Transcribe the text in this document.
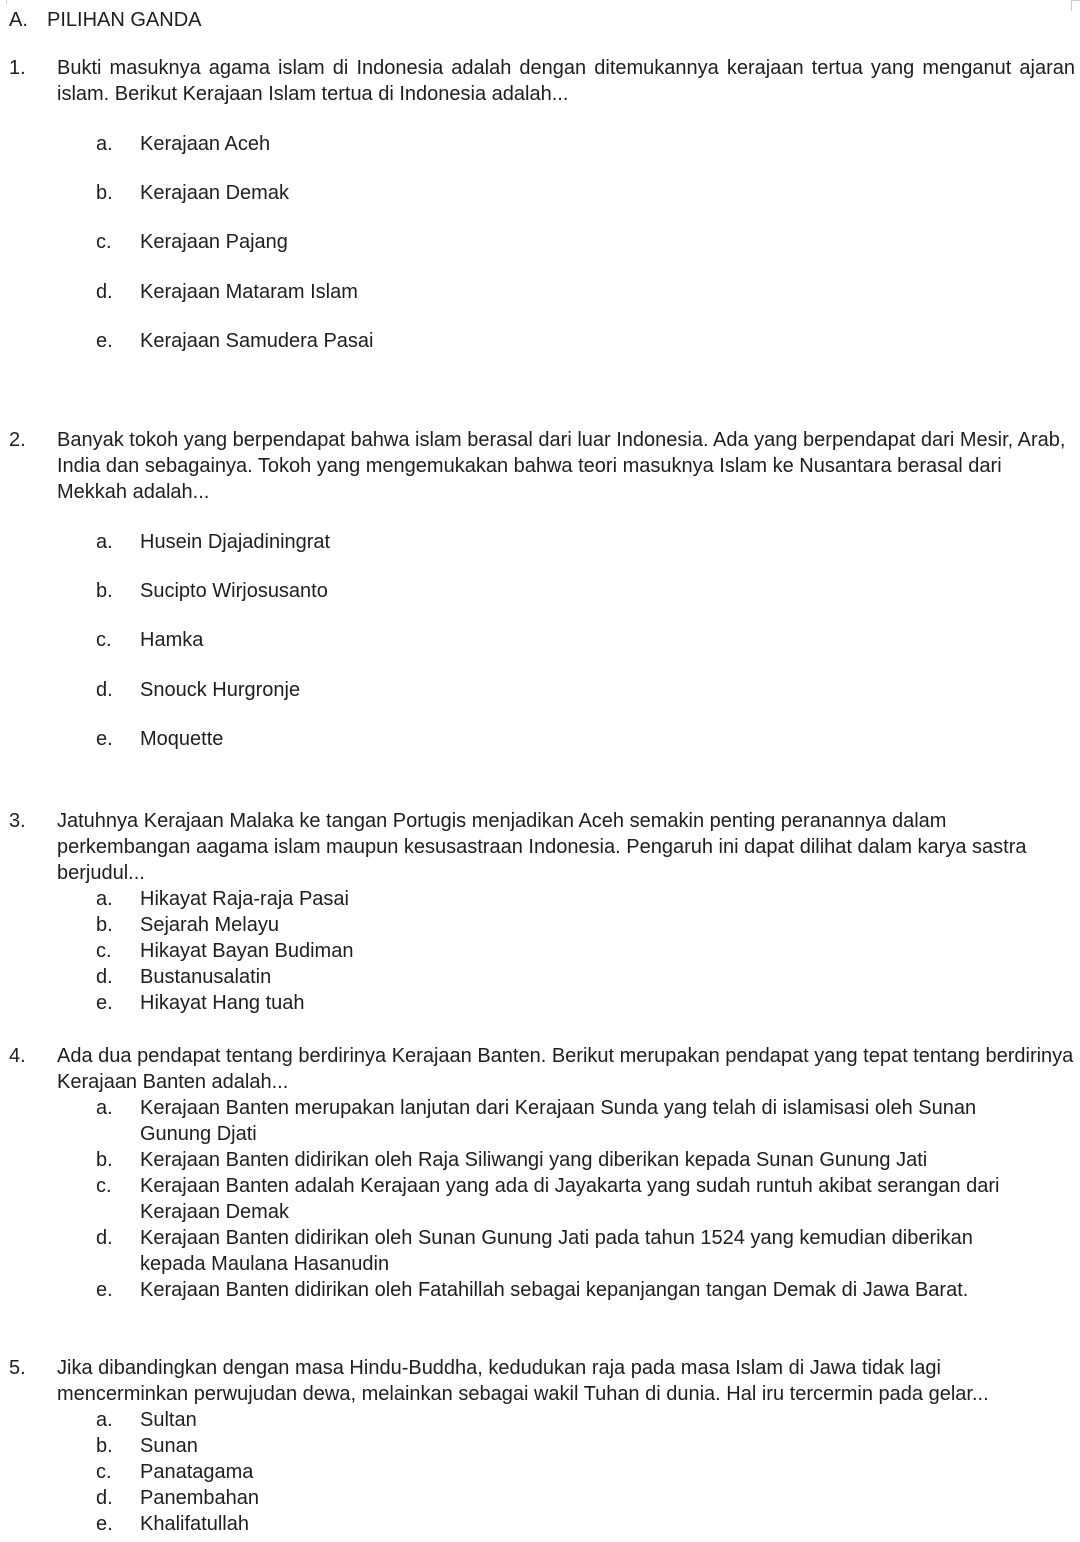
A. PILIHAN GANDA
1.	Bukti masuknya agama islam di Indonesia adalah dengan ditemukannya kerajaan tertua yang menganut ajaran islam. Berikut Kerajaan Islam tertua di Indonesia adalah...
a.	Kerajaan Aceh
b.	Kerajaan Demak
c.	Kerajaan Pajang
d.	Kerajaan Mataram Islam
e.	Kerajaan Samudera Pasai
2.	Banyak tokoh yang berpendapat bahwa islam berasal dari luar Indonesia. Ada yang berpendapat dari Mesir, Arab, India dan sebagainya. Tokoh yang mengemukakan bahwa teori masuknya Islam ke Nusantara berasal dari Mekkah adalah...
a.	Husein Djajadiningrat
b.	Sucipto Wirjosusanto
c.	Hamka
d.	Snouck Hurgronje
e.	Moquette
3.	Jatuhnya Kerajaan Malaka ke tangan Portugis menjadikan Aceh semakin penting peranannya dalam perkembangan aagama islam maupun kesusastraan Indonesia. Pengaruh ini dapat dilihat dalam karya sastra berjudul...
a.	Hikayat Raja-raja Pasai
b.	Sejarah Melayu
c.	Hikayat Bayan Budiman
d.	Bustanusalatin
e.	Hikayat Hang tuah
4.	Ada dua pendapat tentang berdirinya Kerajaan Banten. Berikut merupakan pendapat yang tepat tentang berdirinya Kerajaan Banten adalah...
a.	Kerajaan Banten merupakan lanjutan dari Kerajaan Sunda yang telah di islamisasi oleh Sunan Gunung Djati
b.	Kerajaan Banten didirikan oleh Raja Siliwangi yang diberikan kepada Sunan Gunung Jati
c.	Kerajaan Banten adalah Kerajaan yang ada di Jayakarta yang sudah runtuh akibat serangan dari Kerajaan Demak
d.	Kerajaan Banten didirikan oleh Sunan Gunung Jati pada tahun 1524 yang kemudian diberikan kepada Maulana Hasanudin
e.	Kerajaan Banten didirikan oleh Fatahillah sebagai kepanjangan tangan Demak di Jawa Barat.
5.	Jika dibandingkan dengan masa Hindu-Buddha, kedudukan raja pada masa Islam di Jawa tidak lagi mencerminkan perwujudan dewa, melainkan sebagai wakil Tuhan di dunia. Hal iru tercermin pada gelar...
a.	Sultan
b.	Sunan
c.	Panatagama
d.	Panembahan
e.	Khalifatullah
